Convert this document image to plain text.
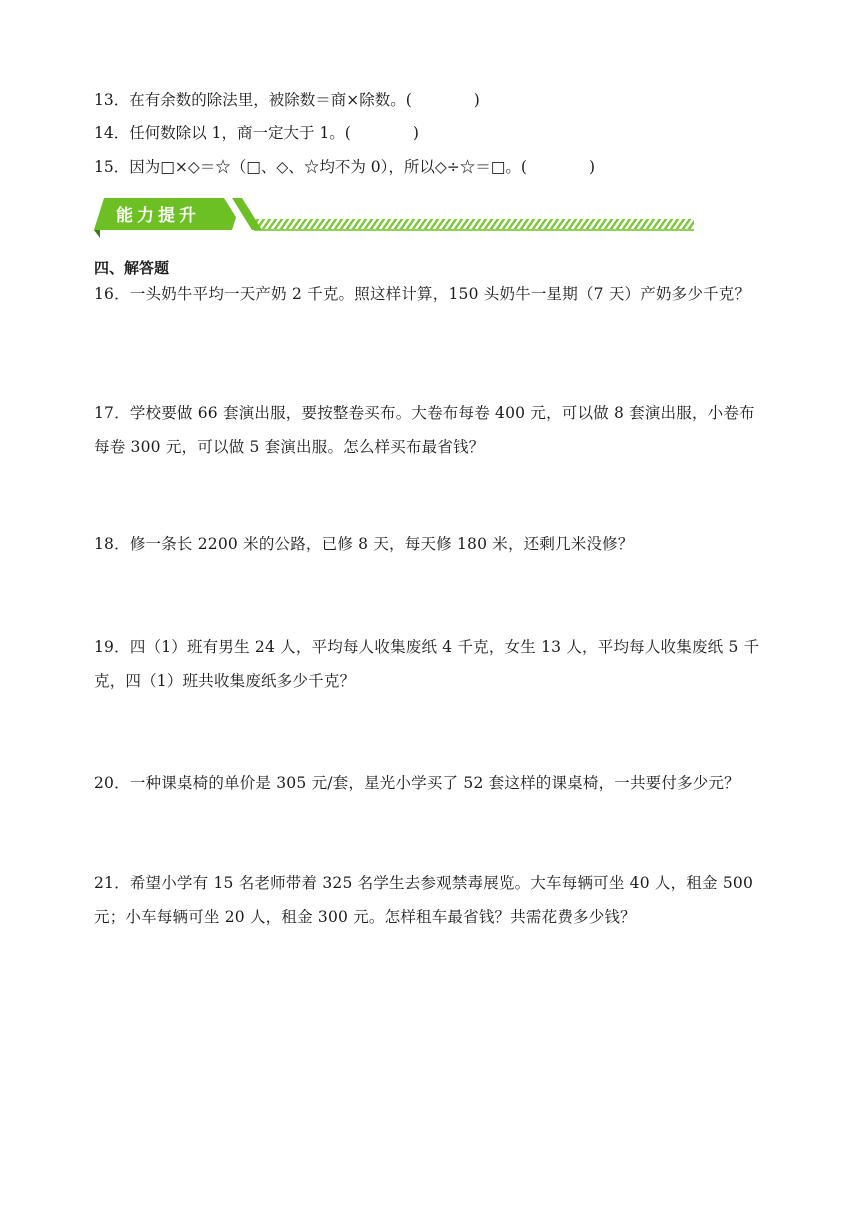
13．在有余数的除法里，被除数＝商×除数。(　　　　)
14．任何数除以 1，商一定大于 1。(　　　　)
15．因为□×◇＝☆（□、◇、☆均不为 0），所以◇÷☆＝□。(　　　　)
能力提升
四、解答题
16．一头奶牛平均一天产奶 2 千克。照这样计算，150 头奶牛一星期（7 天）产奶多少千克？
17．学校要做 66 套演出服，要按整卷买布。大卷布每卷 400 元，可以做 8 套演出服，小卷布每卷 300 元，可以做 5 套演出服。怎么样买布最省钱？
18．修一条长 2200 米的公路，已修 8 天，每天修 180 米，还剩几米没修？
19．四（1）班有男生 24 人，平均每人收集废纸 4 千克，女生 13 人，平均每人收集废纸 5 千克，四（1）班共收集废纸多少千克？
20．一种课桌椅的单价是 305 元/套，星光小学买了 52 套这样的课桌椅，一共要付多少元？
21．希望小学有 15 名老师带着 325 名学生去参观禁毒展览。大车每辆可坐 40 人，租金 500 元；小车每辆可坐 20 人，租金 300 元。怎样租车最省钱？共需花费多少钱？
